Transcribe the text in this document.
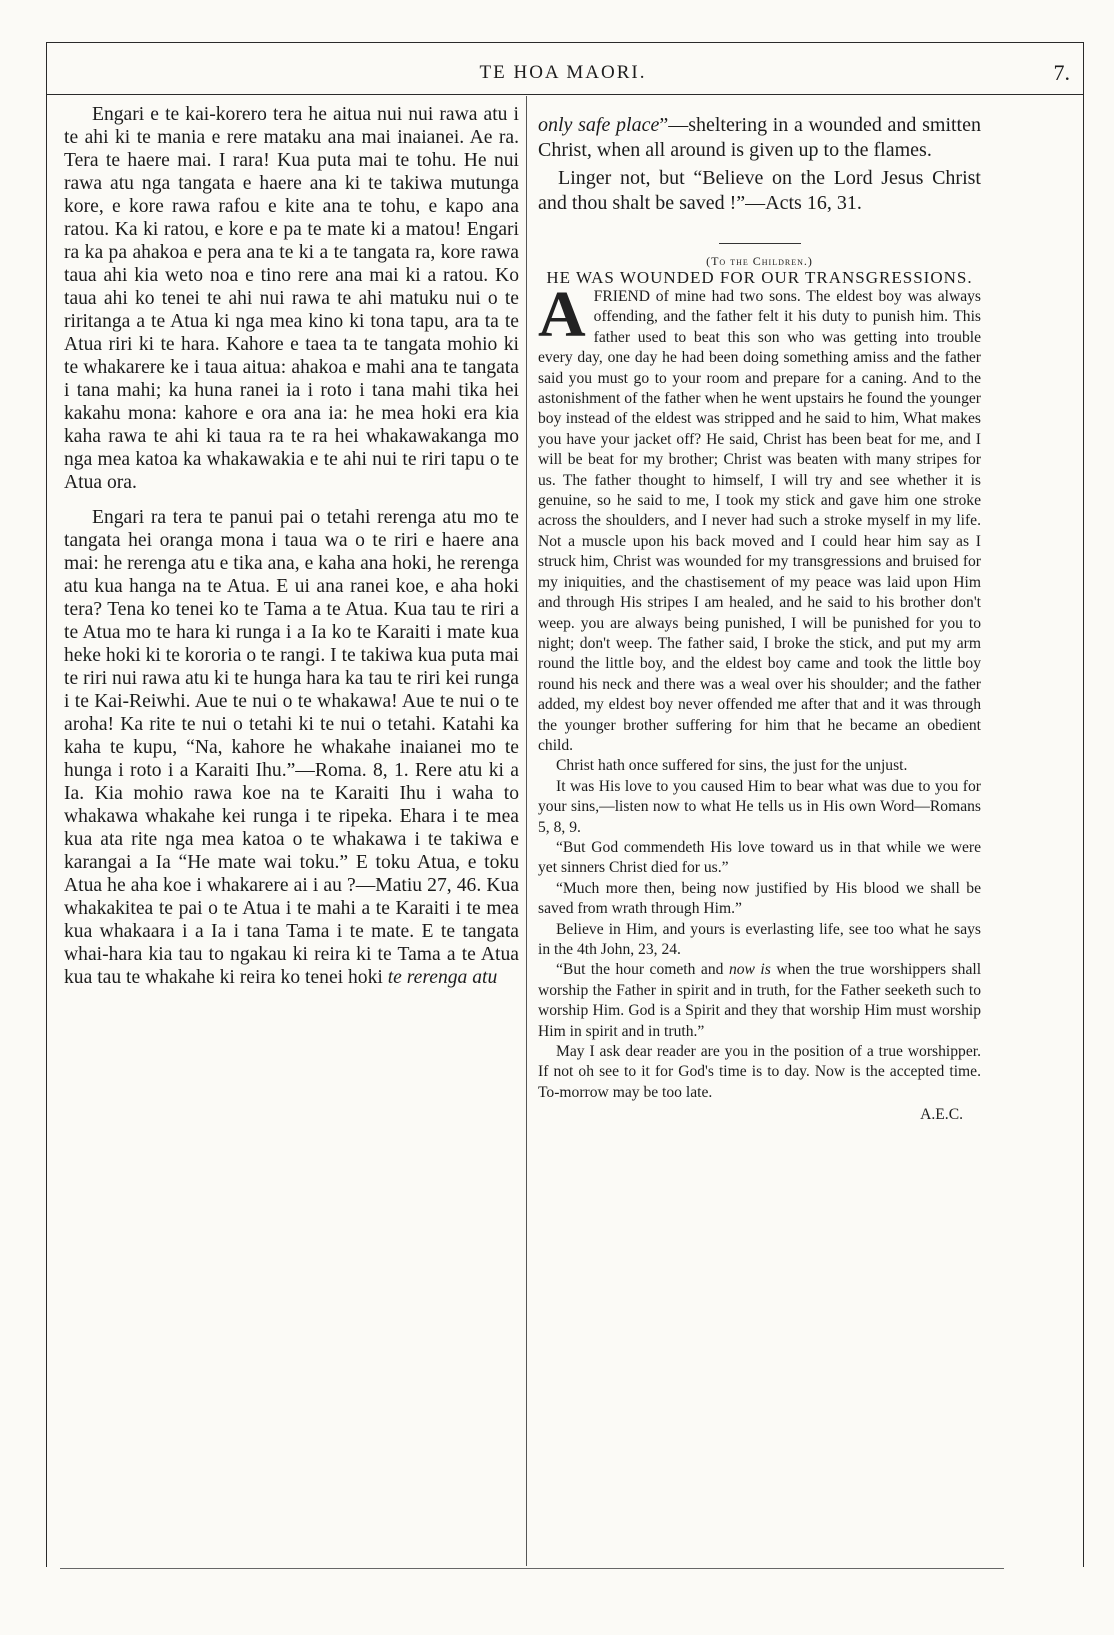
TE HOA MAORI.	7.

Engari e te kai-korero tera he aitua nui nui rawa atu i te ahi ki te mania e rere mataku ana mai inaianei. Ae ra. Tera te haere mai. I rara! Kua puta mai te tohu. He nui rawa atu nga tangata e haere ana ki te takiwa mutunga kore, e kore rawa rafou e kite ana te tohu, e kapo ana ratou. Ka ki ratou, e kore e pa te mate ki a matou! Engari ra ka pa ahakoa e pera ana te ki a te tangata ra, kore rawa taua ahi kia weto noa e tino rere ana mai ki a ratou. Ko taua ahi ko tenei te ahi nui rawa te ahi matuku nui o te riritanga a te Atua ki nga mea kino ki tona tapu, ara ta te Atua riri ki te hara. Kahore e taea ta te tangata mohio ki te whakarere ke i taua aitua: ahakoa e mahi ana te tangata i tana mahi; ka huna ranei ia i roto i tana mahi tika hei kakahu mona: kahore e ora ana ia: he mea hoki era kia kaha rawa te ahi ki taua ra te ra hei whakawakanga mo nga mea katoa ka whakawakia e te ahi nui te riri tapu o te Atua ora.

Engari ra tera te panui pai o tetahi rerenga atu mo te tangata hei oranga mona i taua wa o te riri e haere ana mai: he rerenga atu e tika ana, e kaha ana hoki, he rerenga atu kua hanga na te Atua. E ui ana ranei koe, e aha hoki tera? Tena ko tenei ko te Tama a te Atua. Kua tau te riri a te Atua mo te hara ki runga i a Ia ko te Karaiti i mate kua heke hoki ki te kororia o te rangi. I te takiwa kua puta mai te riri nui rawa atu ki te hunga hara ka tau te riri kei runga i te Kai-Reiwhi. Aue te nui o te whakawa! Aue te nui o te aroha! Ka rite te nui o tetahi ki te nui o tetahi. Katahi ka kaha te kupu, “Na, kahore he whakahe inaianei mo te hunga i roto i a Karaiti Ihu.”—Roma. 8, 1. Rere atu ki a Ia. Kia mohio rawa koe na te Karaiti Ihu i waha to whakawa whakahe kei runga i te ripeka. Ehara i te mea kua ata rite nga mea katoa o te whakawa i te takiwa e karangai a Ia “He mate wai toku.” E toku Atua, e toku Atua he aha koe i whakarere ai i au ?—Matiu 27, 46. Kua whakakitea te pai o te Atua i te mahi a te Karaiti i te mea kua whakaara i a Ia i tana Tama i te mate. E te tangata whai-hara kia tau to ngakau ki reira ki te Tama a te Atua kua tau te whakahe ki reira ko tenei hoki te rerenga atu

only safe place”—sheltering in a wounded and smitten Christ, when all around is given up to the flames.

Linger not, but “Believe on the Lord Jesus Christ and thou shalt be saved !”—Acts 16, 31.

(To the Children.)

HE WAS WOUNDED FOR OUR TRANSGRESSIONS.

AFRIEND of mine had two sons. The eldest boy was always offending, and the father felt it his duty to punish him. This father used to beat this son who was getting into trouble every day, one day he had been doing something amiss and the father said you must go to your room and prepare for a caning. And to the astonishment of the father when he went upstairs he found the younger boy instead of the eldest was stripped and he said to him, What makes you have your jacket off? He said, Christ has been beat for me, and I will be beat for my brother; Christ was beaten with many stripes for us. The father thought to himself, I will try and see whether it is genuine, so he said to me, I took my stick and gave him one stroke across the shoulders, and I never had such a stroke myself in my life. Not a muscle upon his back moved and I could hear him say as I struck him, Christ was wounded for my transgressions and bruised for my iniquities, and the chastisement of my peace was laid upon Him and through His stripes I am healed, and he said to his brother don't weep. you are always being punished, I will be punished for you to night; don't weep. The father said, I broke the stick, and put my arm round the little boy, and the eldest boy came and took the little boy round his neck and there was a weal over his shoulder; and the father added, my eldest boy never offended me after that and it was through the younger brother suffering for him that he became an obedient child.

Christ hath once suffered for sins, the just for the unjust.

It was His love to you caused Him to bear what was due to you for your sins,—listen now to what He tells us in His own Word—Romans 5, 8, 9.

“But God commendeth His love toward us in that while we were yet sinners Christ died for us.”

“Much more then, being now justified by His blood we shall be saved from wrath through Him.”

Believe in Him, and yours is everlasting life, see too what he says in the 4th John, 23, 24.

“But the hour cometh and now is when the true worshippers shall worship the Father in spirit and in truth, for the Father seeketh such to worship Him. God is a Spirit and they that worship Him must worship Him in spirit and in truth.”

May I ask dear reader are you in the position of a true worshipper. If not oh see to it for God's time is to day. Now is the accepted time. To-morrow may be too late.

A.E.C.
